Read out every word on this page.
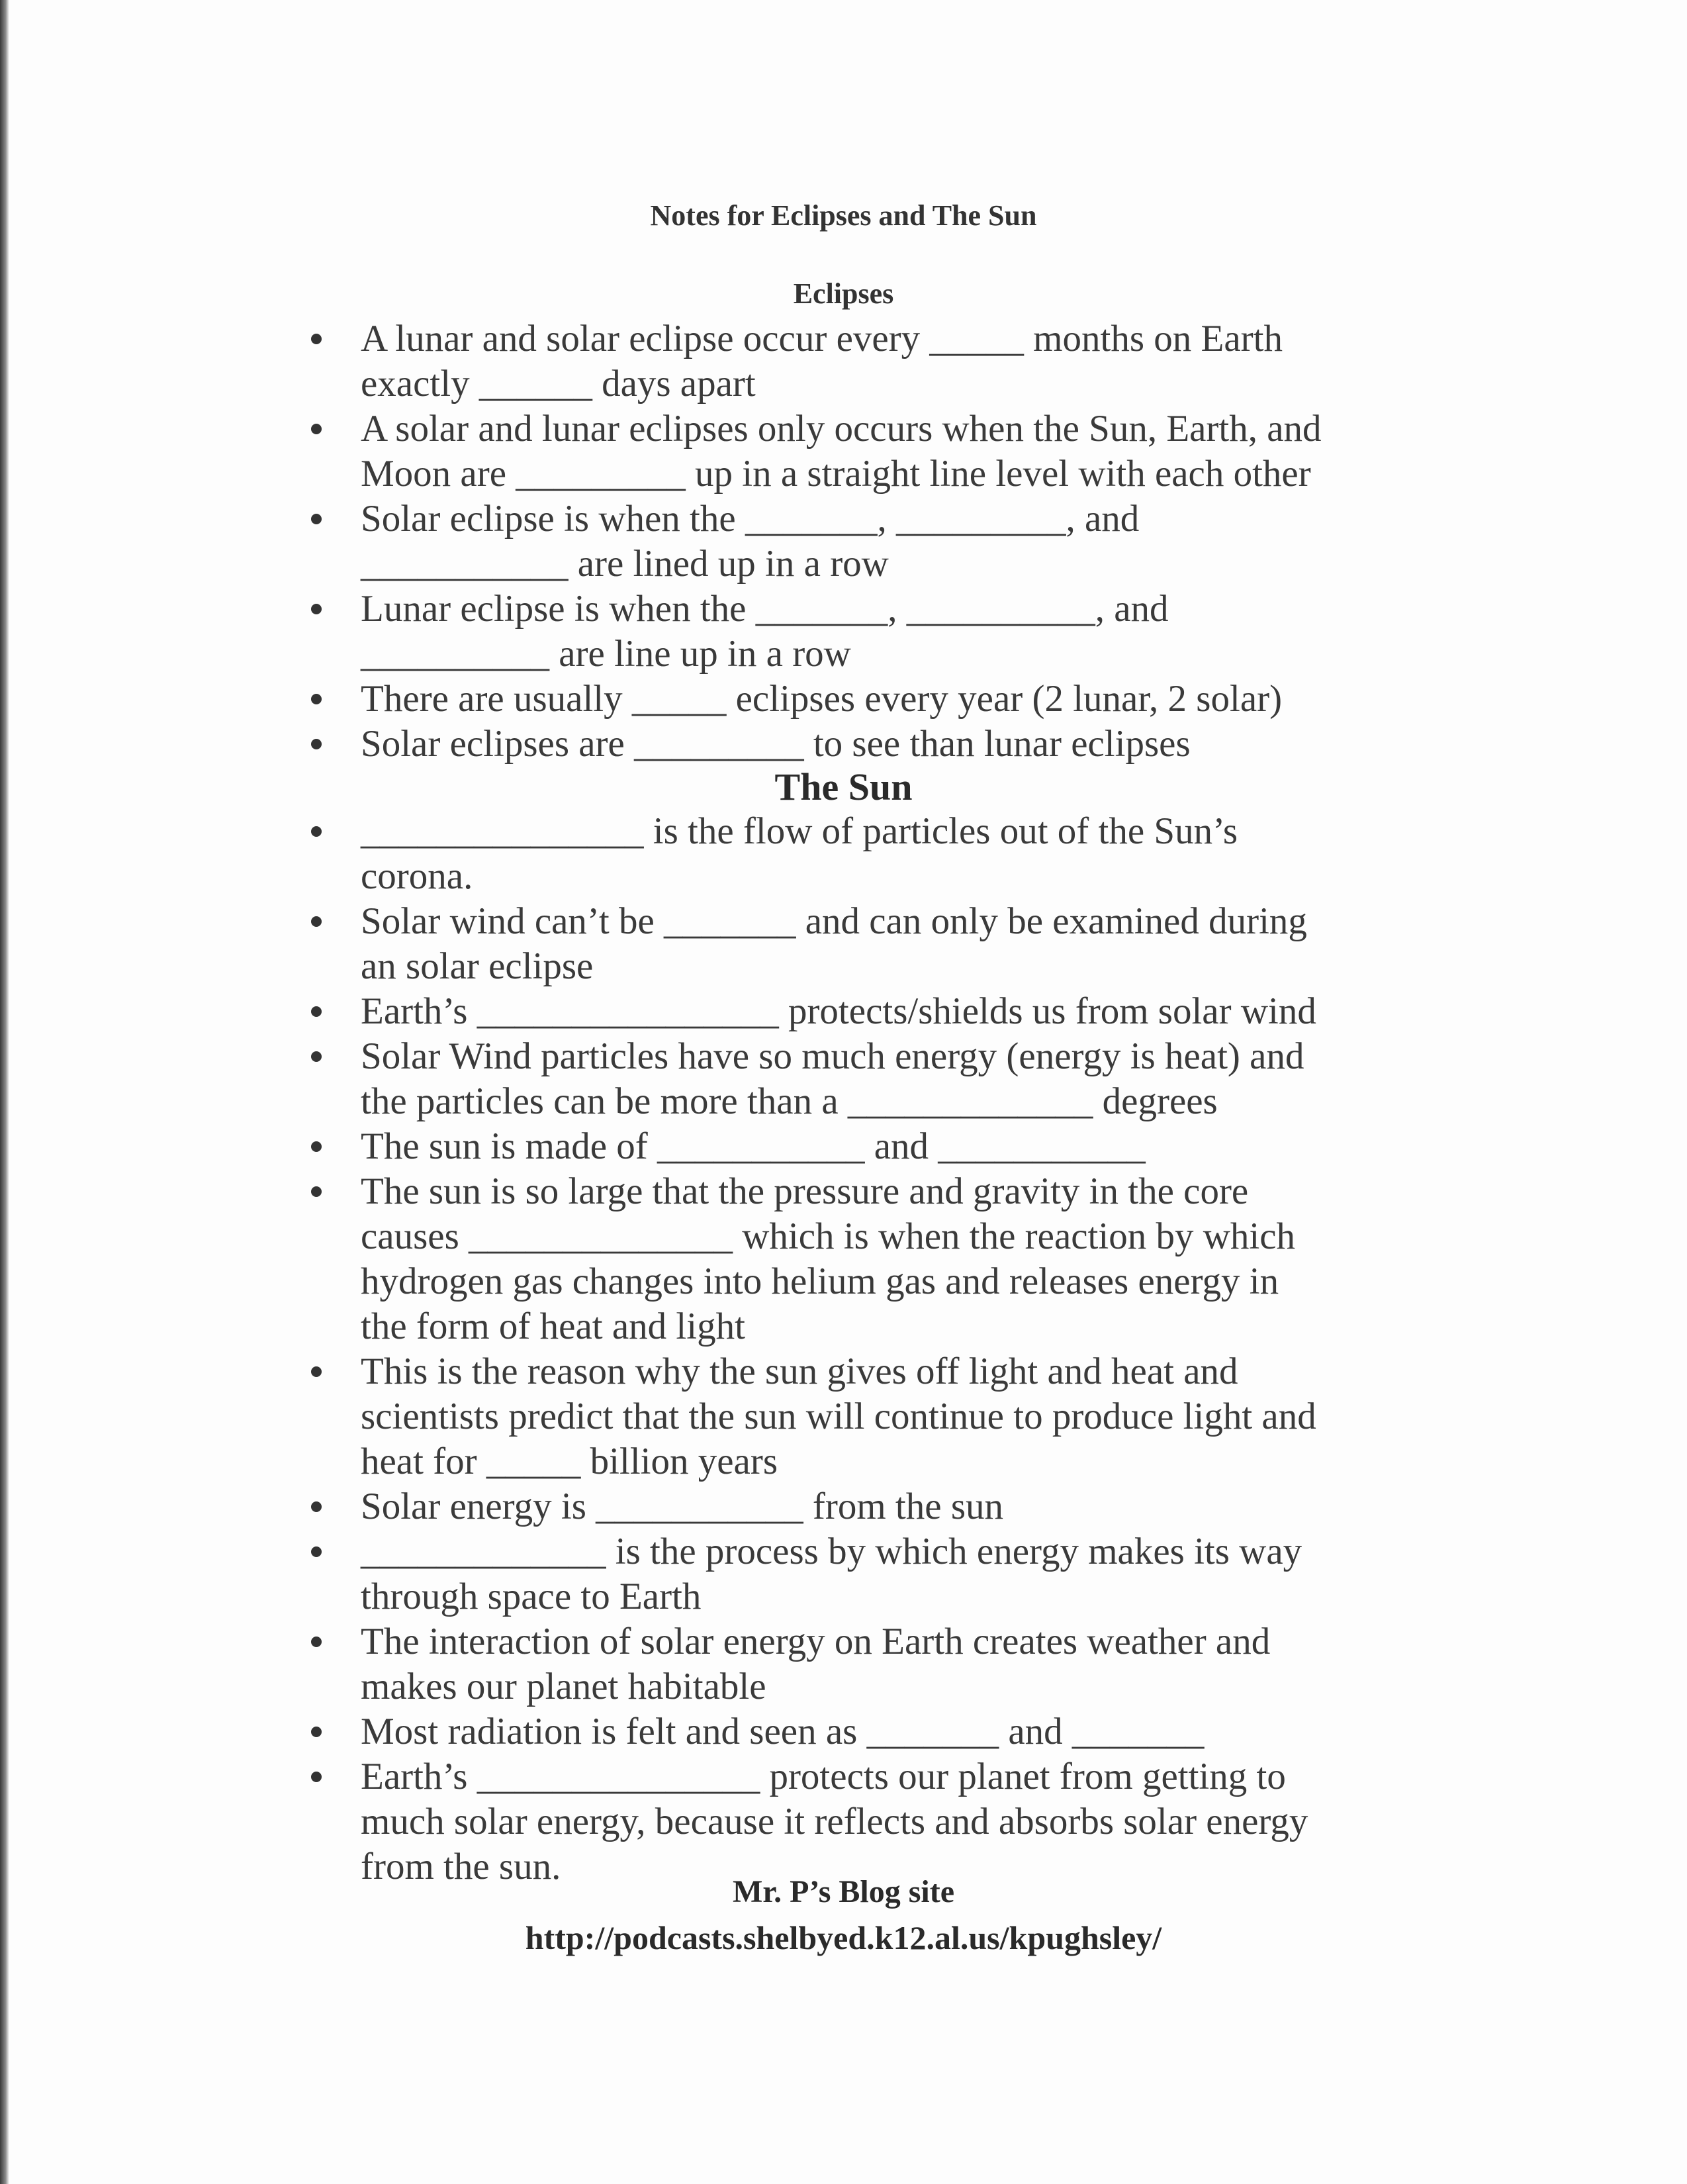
Notes for Eclipses and The Sun
Eclipses
A lunar and solar eclipse occur every _____ months on Earth
exactly ______ days apart
A solar and lunar eclipses only occurs when the Sun, Earth, and
Moon are _________ up in a straight line level with each other
Solar eclipse is when the _______, _________, and
___________ are lined up in a row
Lunar eclipse is when the _______, __________, and
__________ are line up in a row
There are usually _____ eclipses every year (2 lunar, 2 solar)
Solar eclipses are _________ to see than lunar eclipses
The Sun
_______________ is the flow of particles out of the Sun’s
corona.
Solar wind can’t be _______ and can only be examined during
an solar eclipse
Earth’s ________________ protects/shields us from solar wind
Solar Wind particles have so much energy (energy is heat) and
the particles can be more than a _____________ degrees
The sun is made of ___________ and ___________
The sun is so large that the pressure and gravity in the core
causes ______________ which is when the reaction by which
hydrogen gas changes into helium gas and releases energy in
the form of heat and light
This is the reason why the sun gives off light and heat and
scientists predict that the sun will continue to produce light and
heat for _____ billion years
Solar energy is ___________ from the sun
_____________ is the process by which energy makes its way
through space to Earth
The interaction of solar energy on Earth creates weather and
makes our planet habitable
Most radiation is felt and seen as _______ and _______
Earth’s _______________ protects our planet from getting to
much solar energy, because it reflects and absorbs solar energy
from the sun.
Mr. P’s Blog site
http://podcasts.shelbyed.k12.al.us/kpughsley/
